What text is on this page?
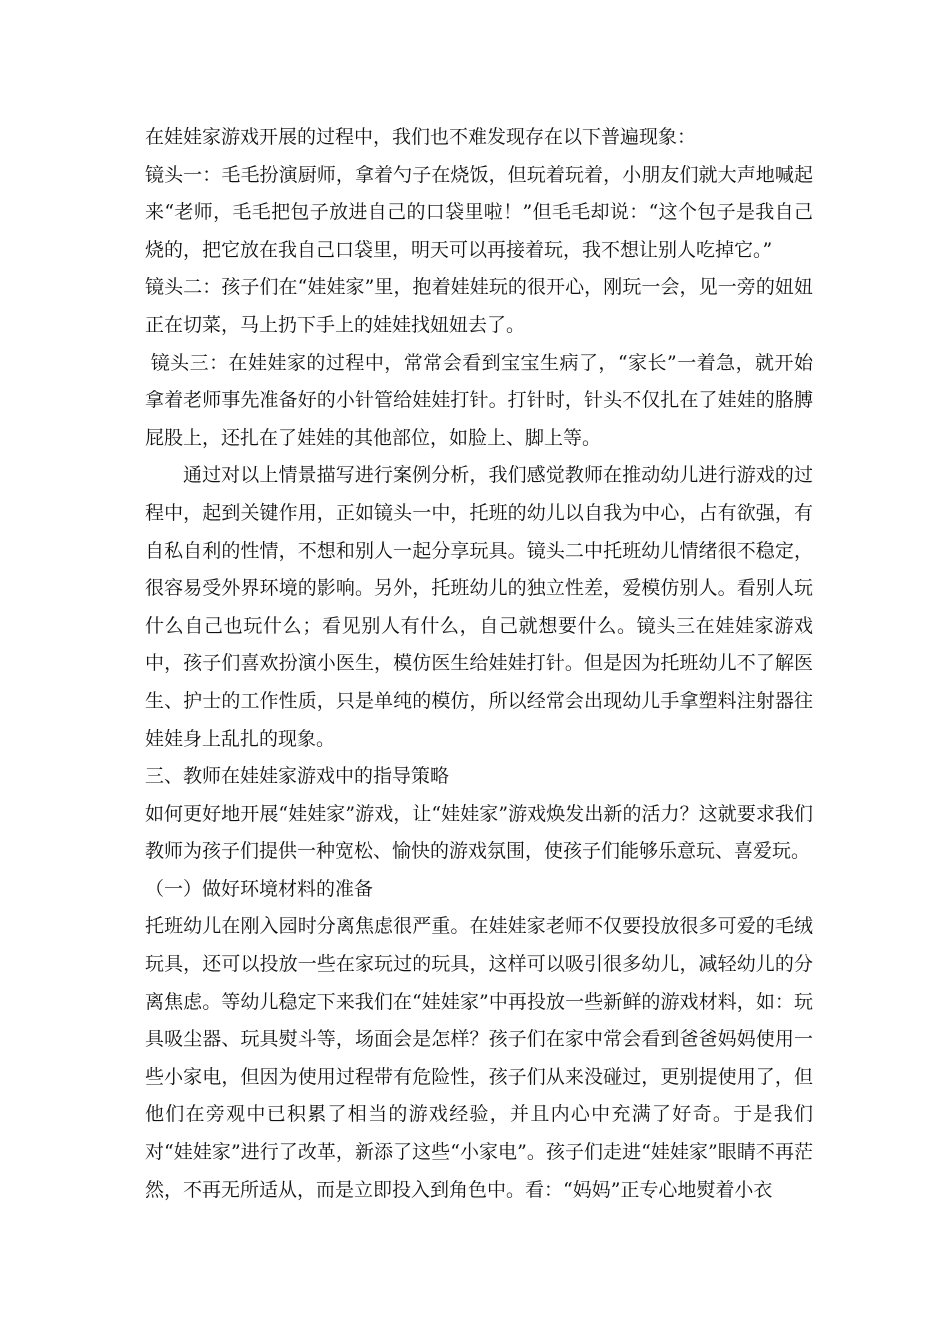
在娃娃家游戏开展的过程中，我们也不难发现存在以下普遍现象：

镜头一：毛毛扮演厨师，拿着勺子在烧饭，但玩着玩着，小朋友们就大声地喊起来“老师，毛毛把包子放进自己的口袋里啦！”但毛毛却说：“这个包子是我自己烧的，把它放在我自己口袋里，明天可以再接着玩，我不想让别人吃掉它。”

镜头二：孩子们在“娃娃家”里，抱着娃娃玩的很开心，刚玩一会，见一旁的妞妞正在切菜，马上扔下手上的娃娃找妞妞去了。

镜头三：在娃娃家的过程中，常常会看到宝宝生病了，“家长”一着急，就开始拿着老师事先准备好的小针管给娃娃打针。打针时，针头不仅扎在了娃娃的胳膊屁股上，还扎在了娃娃的其他部位，如脸上、脚上等。

通过对以上情景描写进行案例分析，我们感觉教师在推动幼儿进行游戏的过程中，起到关键作用，正如镜头一中，托班的幼儿以自我为中心，占有欲强，有自私自利的性情，不想和别人一起分享玩具。镜头二中托班幼儿情绪很不稳定，很容易受外界环境的影响。另外，托班幼儿的独立性差，爱模仿别人。看别人玩什么自己也玩什么；看见别人有什么，自己就想要什么。镜头三在娃娃家游戏中，孩子们喜欢扮演小医生，模仿医生给娃娃打针。但是因为托班幼儿不了解医生、护士的工作性质，只是单纯的模仿，所以经常会出现幼儿手拿塑料注射器往娃娃身上乱扎的现象。

三、教师在娃娃家游戏中的指导策略

如何更好地开展“娃娃家”游戏，让“娃娃家”游戏焕发出新的活力？这就要求我们教师为孩子们提供一种宽松、愉快的游戏氛围，使孩子们能够乐意玩、喜爱玩。

（一）做好环境材料的准备

托班幼儿在刚入园时分离焦虑很严重。在娃娃家老师不仅要投放很多可爱的毛绒玩具，还可以投放一些在家玩过的玩具，这样可以吸引很多幼儿，减轻幼儿的分离焦虑。等幼儿稳定下来我们在“娃娃家”中再投放一些新鲜的游戏材料，如：玩具吸尘器、玩具熨斗等，场面会是怎样？孩子们在家中常会看到爸爸妈妈使用一些小家电，但因为使用过程带有危险性，孩子们从来没碰过，更别提使用了，但他们在旁观中已积累了相当的游戏经验，并且内心中充满了好奇。于是我们对“娃娃家”进行了改革，新添了这些“小家电”。孩子们走进“娃娃家”眼睛不再茫然，不再无所适从，而是立即投入到角色中。看：“妈妈”正专心地熨着小衣
